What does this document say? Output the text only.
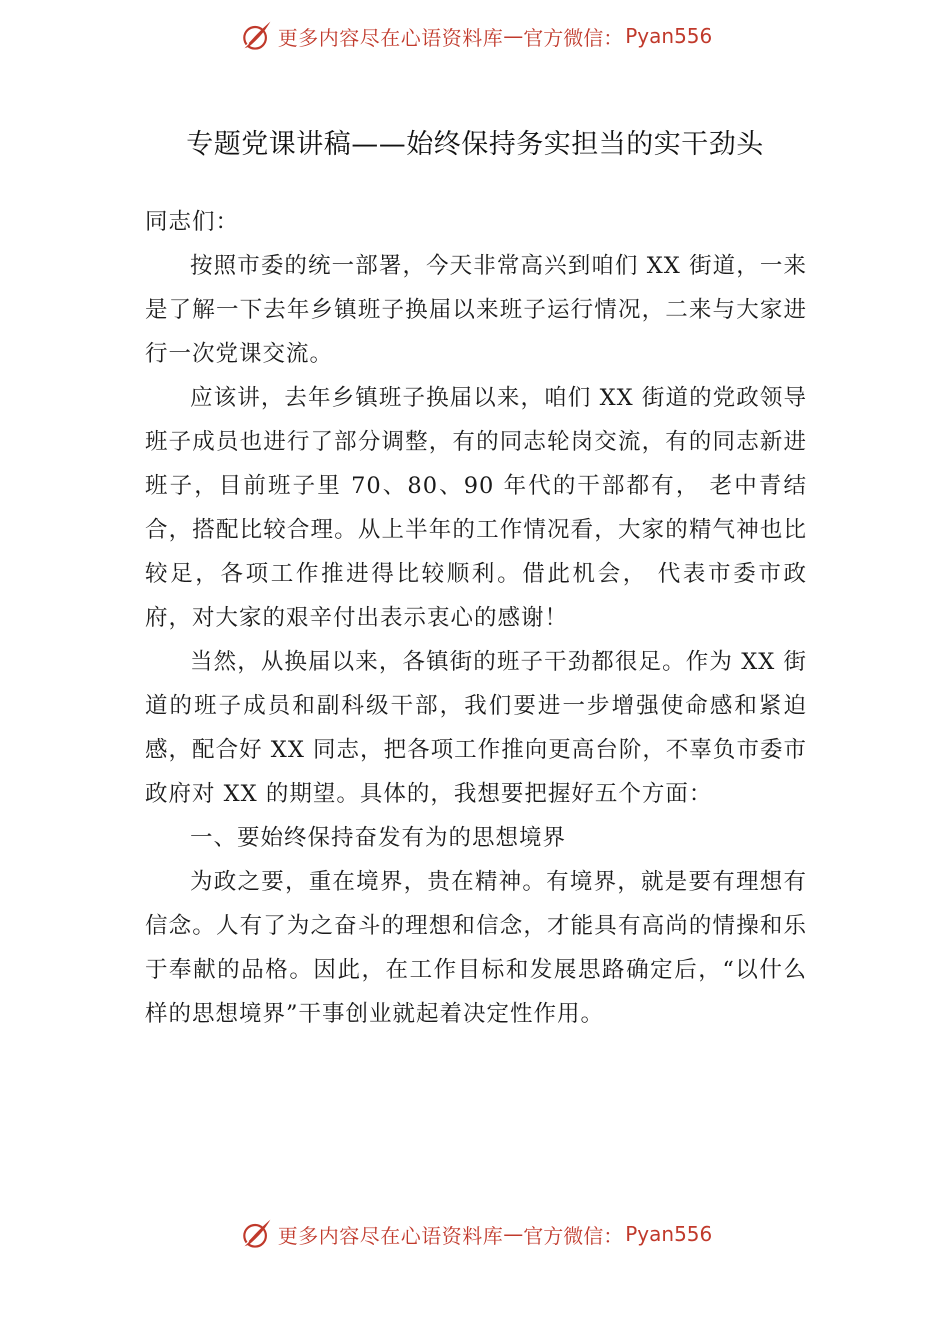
更多内容尽在心语资料库 — 官方微信： Pyan556
专题党课讲稿——始终保持务实担当的实干劲头

同志们：

按照市委的统一部署，今天非常高兴到咱们 XX 街道，一来是了解一下去年乡镇班子换届以来班子运行情况，二来与大家进行一次党课交流。

应该讲，去年乡镇班子换届以来，咱们 XX 街道的党政领导班子成员也进行了部分调整，有的同志轮岗交流，有的同志新进班子，目前班子里 70、80、90 年代的干部都有， 老中青结合，搭配比较合理。从上半年的工作情况看，大家的精气神也比较足，各项工作推进得比较顺利。借此机会， 代表市委市政府，对大家的艰辛付出表示衷心的感谢！

当然，从换届以来，各镇街的班子干劲都很足。作为 XX 街道的班子成员和副科级干部，我们要进一步增强使命感和紧迫感，配合好 XX 同志，把各项工作推向更高台阶，不辜负市委市政府对 XX 的期望。具体的，我想要把握好五个方面：

一、要始终保持奋发有为的思想境界

为政之要，重在境界，贵在精神。有境界，就是要有理想有信念。人有了为之奋斗的理想和信念，才能具有高尚的情操和乐于奉献的品格。因此，在工作目标和发展思路确定后，“以什么样的思想境界”干事创业就起着决定性作用。

更多内容尽在心语资料库 — 官方微信： Pyan556
